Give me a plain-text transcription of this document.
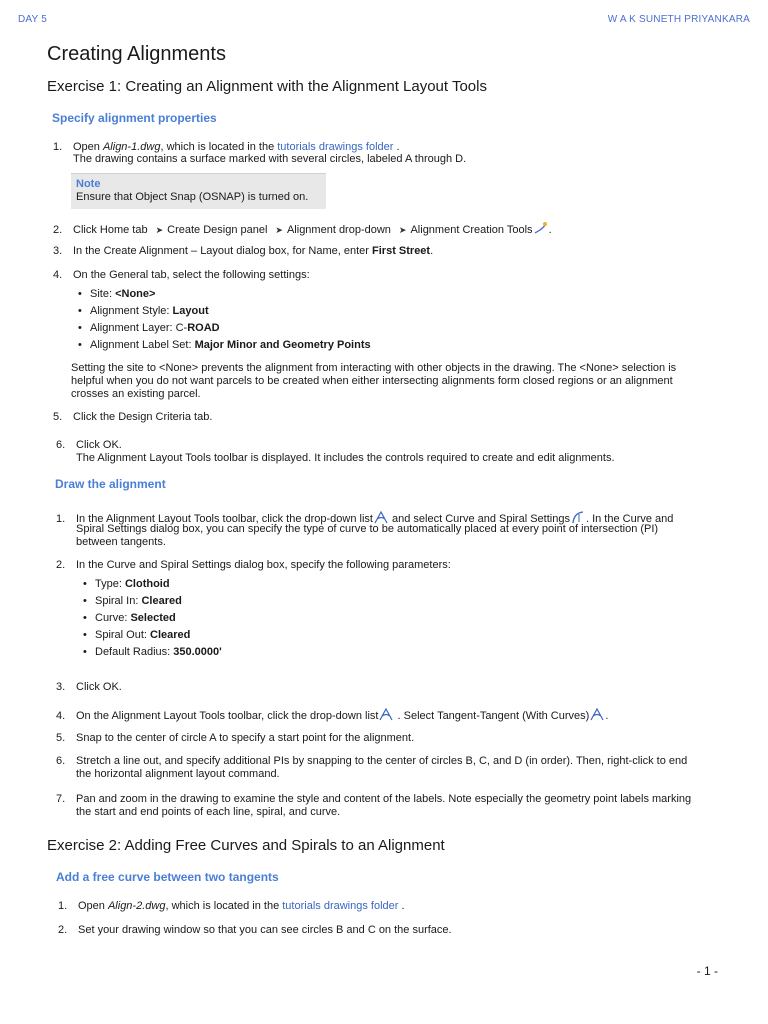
DAY 5	W A K SUNETH PRIYANKARA
Creating Alignments
Exercise 1: Creating an Alignment with the Alignment Layout Tools
Specify alignment properties
1. Open Align-1.dwg, which is located in the tutorials drawings folder .
The drawing contains a surface marked with several circles, labeled A through D.
Note
Ensure that Object Snap (OSNAP) is turned on.
2. Click Home tab ➤ Create Design panel ➤ Alignment drop-down ➤ Alignment Creation Tools .
3. In the Create Alignment – Layout dialog box, for Name, enter First Street.
4. On the General tab, select the following settings:
• Site: <None>
• Alignment Style: Layout
• Alignment Layer: C-ROAD
• Alignment Label Set: Major Minor and Geometry Points
Setting the site to <None> prevents the alignment from interacting with other objects in the drawing. The <None> selection is
helpful when you do not want parcels to be created when either intersecting alignments form closed regions or an alignment
crosses an existing parcel.
5. Click the Design Criteria tab.
6. Click OK.
The Alignment Layout Tools toolbar is displayed. It includes the controls required to create and edit alignments.
Draw the alignment
1. In the Alignment Layout Tools toolbar, click the drop-down list and select Curve and Spiral Settings . In the Curve and
Spiral Settings dialog box, you can specify the type of curve to be automatically placed at every point of intersection (PI)
between tangents.
2. In the Curve and Spiral Settings dialog box, specify the following parameters:
• Type: Clothoid
• Spiral In: Cleared
• Curve: Selected
• Spiral Out: Cleared
• Default Radius: 350.0000'
3. Click OK.
4. On the Alignment Layout Tools toolbar, click the drop-down list . Select Tangent-Tangent (With Curves) .
5. Snap to the center of circle A to specify a start point for the alignment.
6. Stretch a line out, and specify additional PIs by snapping to the center of circles B, C, and D (in order). Then, right-click to end
the horizontal alignment layout command.
7. Pan and zoom in the drawing to examine the style and content of the labels. Note especially the geometry point labels marking
the start and end points of each line, spiral, and curve.
Exercise 2: Adding Free Curves and Spirals to an Alignment
Add a free curve between two tangents
1. Open Align-2.dwg, which is located in the tutorials drawings folder .
2. Set your drawing window so that you can see circles B and C on the surface.
- 1 -
